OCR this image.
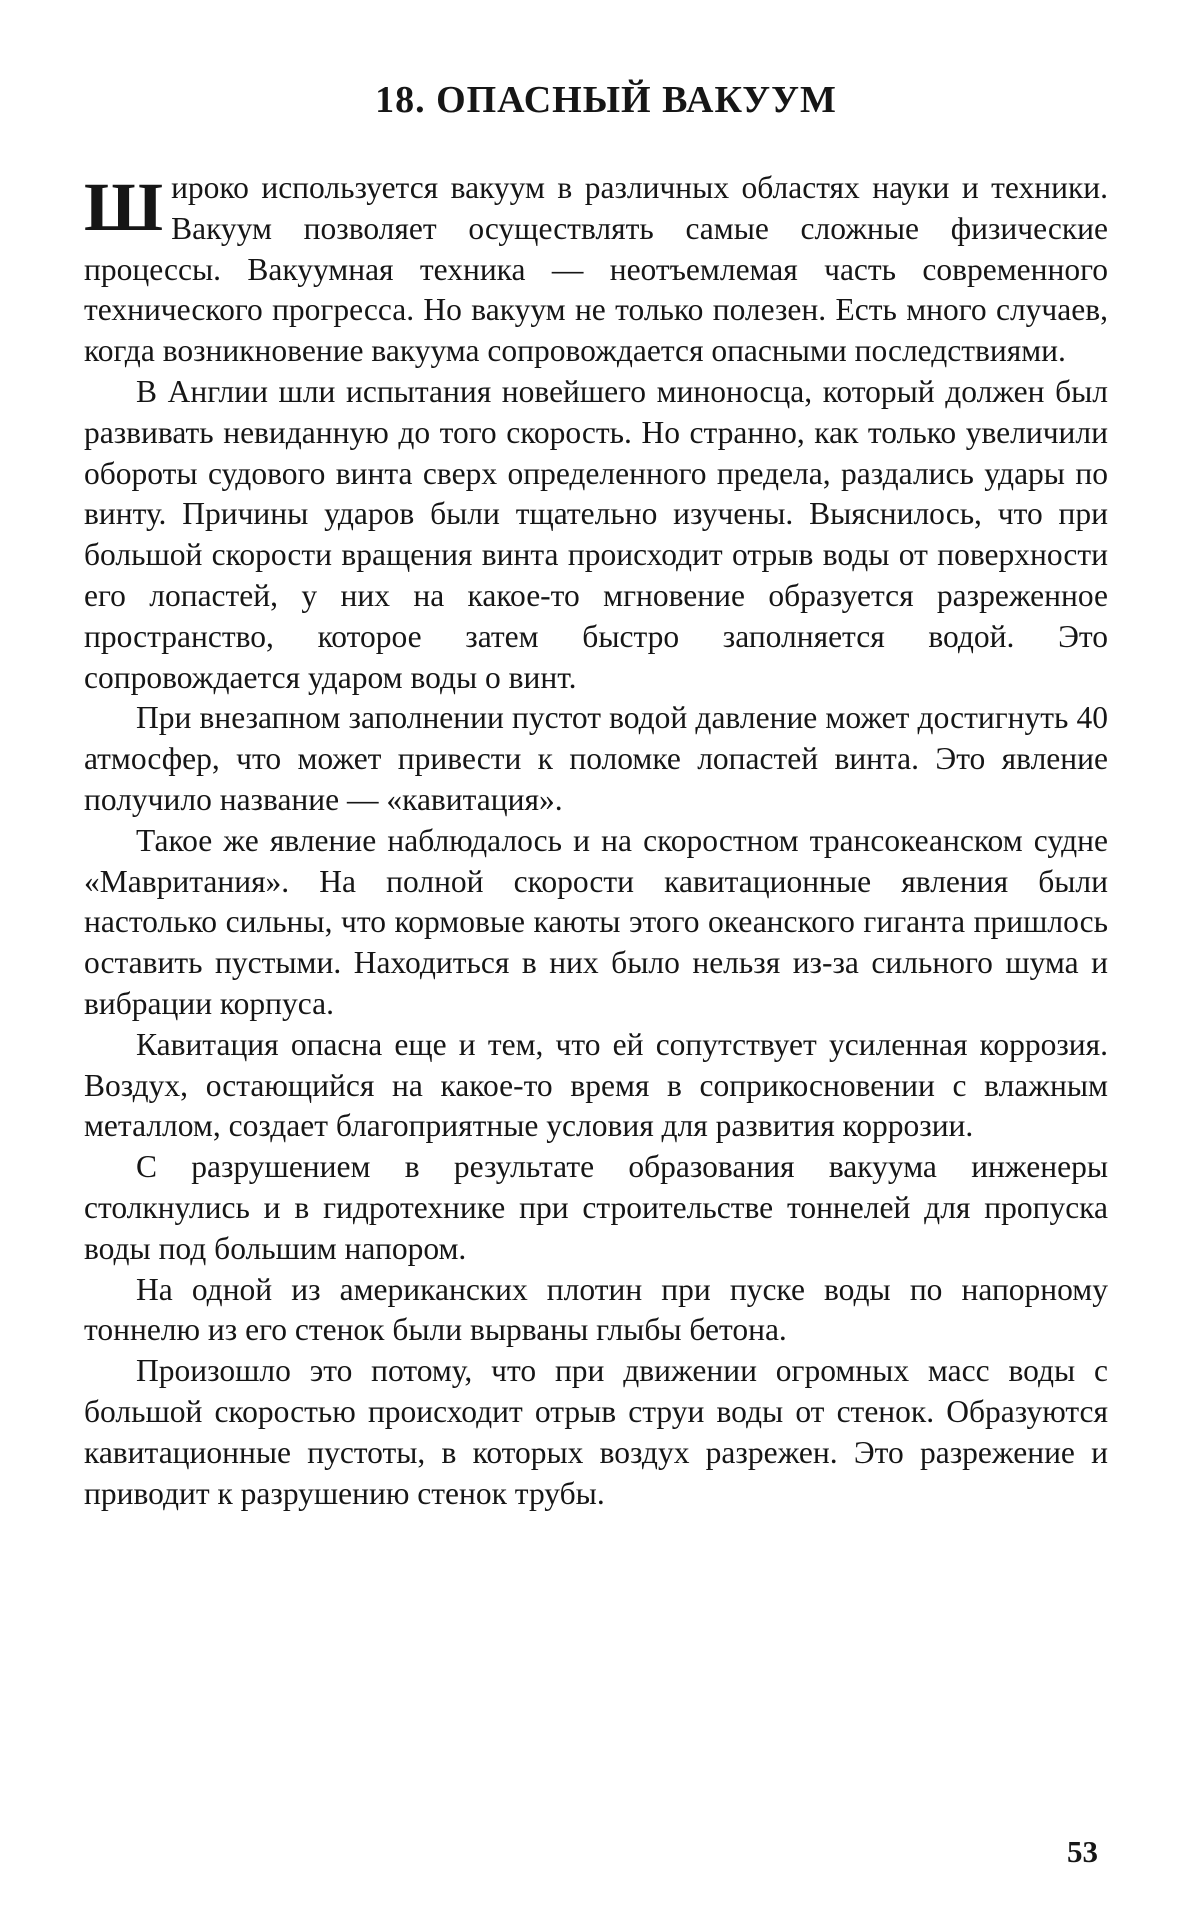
18. ОПАСНЫЙ ВАКУУМ

Широко используется вакуум в различных областях науки и техники. Вакуум позволяет осуществлять самые сложные физические процессы. Вакуумная техника — неотъемлемая часть современного технического прогресса. Но вакуум не только полезен. Есть много случаев, когда возникновение вакуума сопровождается опасными последствиями.

В Англии шли испытания новейшего миноносца, который должен был развивать невиданную до того скорость. Но странно, как только увеличили обороты судового винта сверх определенного предела, раздались удары по винту. Причины ударов были тщательно изучены. Выяснилось, что при большой скорости вращения винта происходит отрыв воды от поверхности его лопастей, у них на какое-то мгновение образуется разреженное пространство, которое затем быстро заполняется водой. Это сопровождается ударом воды о винт.

При внезапном заполнении пустот водой давление может достигнуть 40 атмосфер, что может привести к поломке лопастей винта. Это явление получило название — «кавитация».

Такое же явление наблюдалось и на скоростном трансокеанском судне «Мавритания». На полной скорости кавитационные явления были настолько сильны, что кормовые каюты этого океанского гиганта пришлось оставить пустыми. Находиться в них было нельзя из-за сильного шума и вибрации корпуса.

Кавитация опасна еще и тем, что ей сопутствует усиленная коррозия. Воздух, остающийся на какое-то время в соприкосновении с влажным металлом, создает благоприятные условия для развития коррозии.

С разрушением в результате образования вакуума инженеры столкнулись и в гидротехнике при строительстве тоннелей для пропуска воды под большим напором.

На одной из американских плотин при пуске воды по напорному тоннелю из его стенок были вырваны глыбы бетона.

Произошло это потому, что при движении огромных масс воды с большой скоростью происходит отрыв струи воды от стенок. Образуются кавитационные пустоты, в которых воздух разрежен. Это разрежение и приводит к разрушению стенок трубы.

53
